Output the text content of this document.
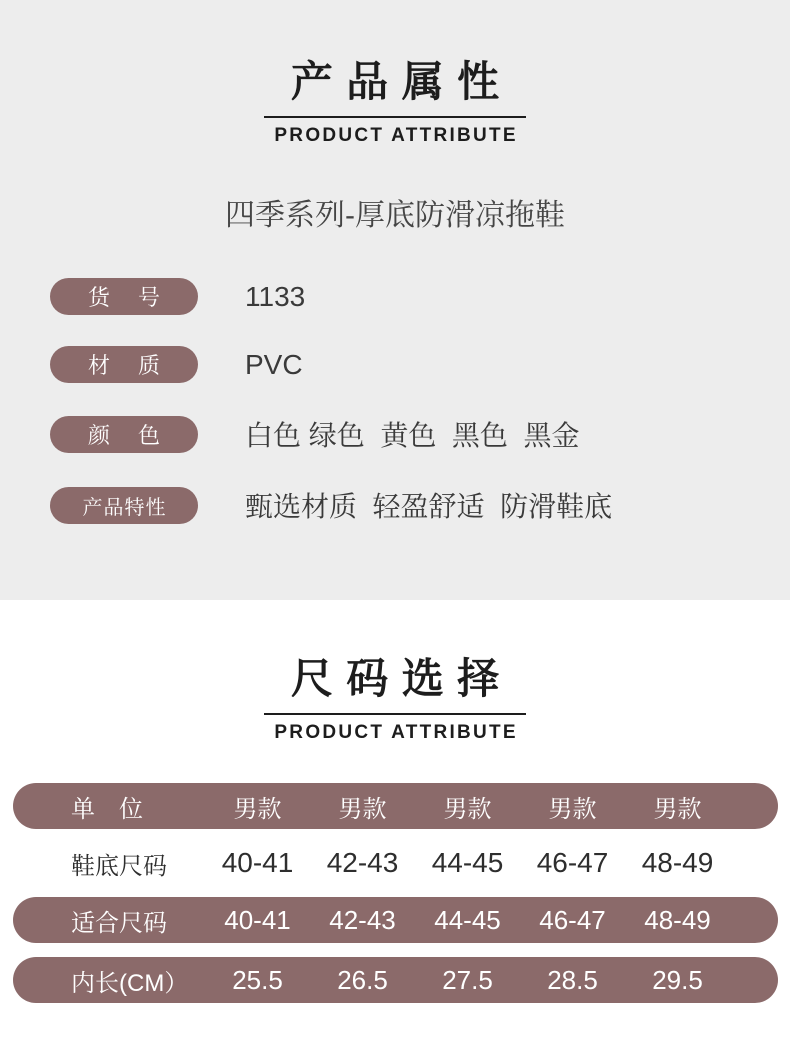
产品属性
PRODUCT ATTRIBUTE
四季系列-厚底防滑凉拖鞋
货　号	1133
材　质	PVC
颜　色	白色 绿色  黄色  黑色  黑金
产品特性	甄选材质  轻盈舒适  防滑鞋底
尺码选择
PRODUCT ATTRIBUTE
单　位	男款	男款	男款	男款	男款
鞋底尺码	40-41	42-43	44-45	46-47	48-49
适合尺码	40-41	42-43	44-45	46-47	48-49
内长(CM）	25.5	26.5	27.5	28.5	29.5
